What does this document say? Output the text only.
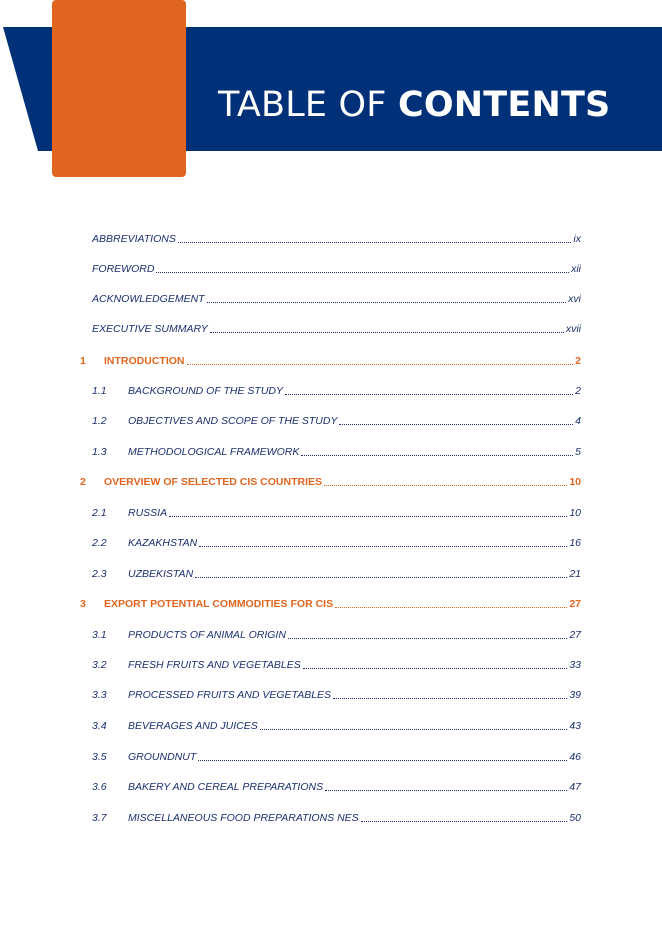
TABLE OF CONTENTS
ABBREVIATIONS	ix
FOREWORD	xii
ACKNOWLEDGEMENT	xvi
EXECUTIVE SUMMARY	xvii
1 INTRODUCTION	2
1.1 BACKGROUND OF THE STUDY	2
1.2 OBJECTIVES AND SCOPE OF THE STUDY	4
1.3 METHODOLOGICAL FRAMEWORK	5
2 OVERVIEW OF SELECTED CIS COUNTRIES	10
2.1 RUSSIA	10
2.2 KAZAKHSTAN	16
2.3 UZBEKISTAN	21
3 EXPORT POTENTIAL COMMODITIES FOR CIS	27
3.1 PRODUCTS OF ANIMAL ORIGIN	27
3.2 FRESH FRUITS AND VEGETABLES	33
3.3 PROCESSED FRUITS AND VEGETABLES	39
3.4 BEVERAGES AND JUICES	43
3.5 GROUNDNUT	46
3.6 BAKERY AND CEREAL PREPARATIONS	47
3.7 MISCELLANEOUS FOOD PREPARATIONS NES	50
